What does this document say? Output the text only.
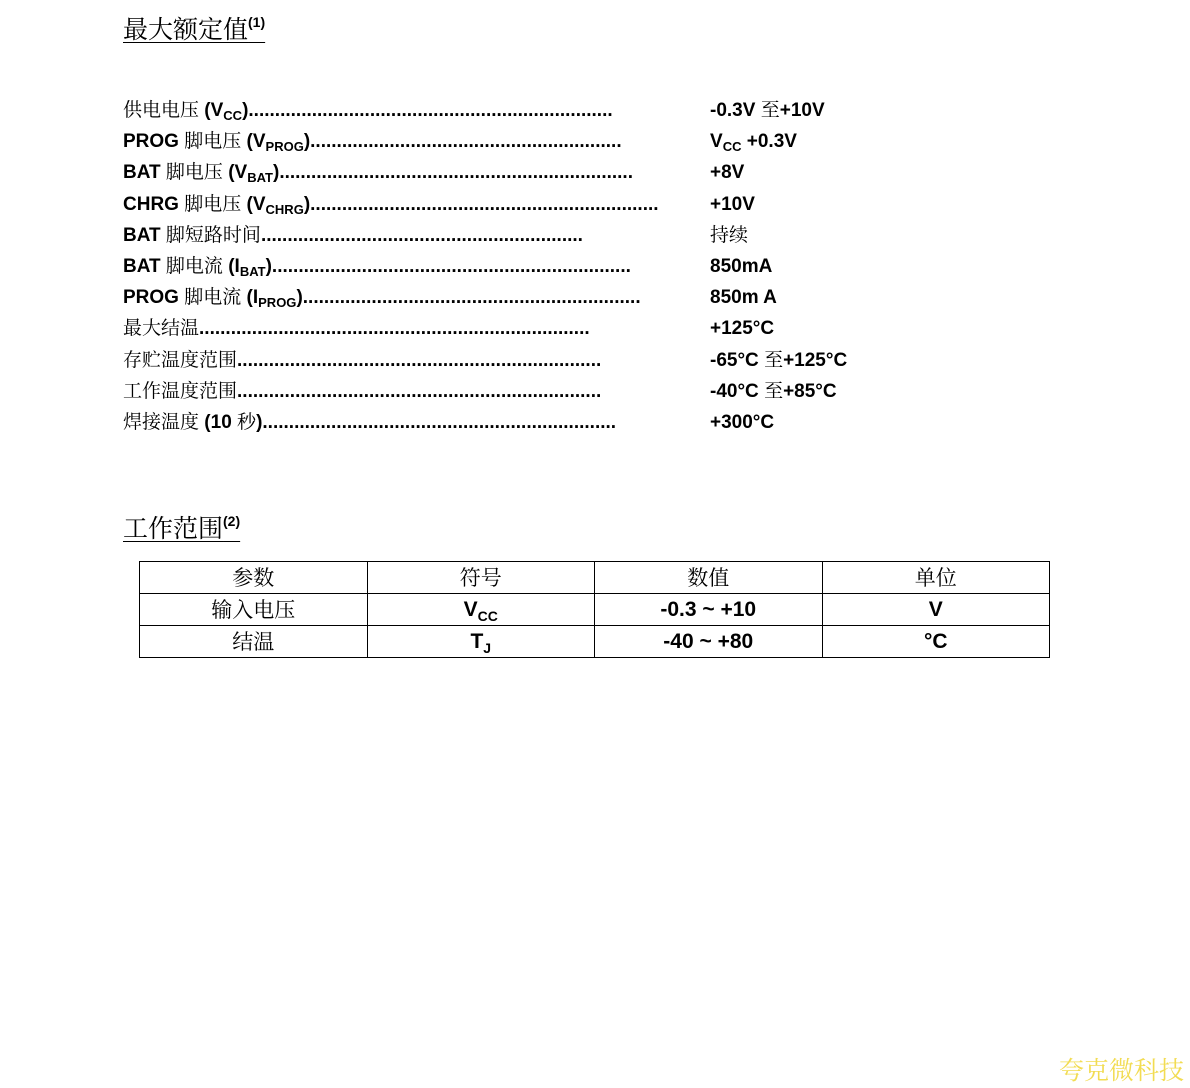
最大额定值$^{(1)}$
供电电压 $(V_{CC})$.....................................................................	-0.3V 至+10V
PROG 脚电压 $(V_{PROG})$...........................................................	$V_{CC} +0.3V$
BAT 脚电压 $(V_{BAT})$...................................................................	+8V
CHRG 脚电压 $(V_{CHRG})$..................................................................	+10V
BAT 脚短路时间.............................................................	持续
BAT 脚电流 $(I_{BAT})$....................................................................	850mA
PROG 脚电流 $(I_{PROG})$................................................................	850m A
最大结温..........................................................................	+125°C
存贮温度范围.....................................................................	-65°C 至+125°C
工作温度范围.....................................................................	-40°C 至+85°C
焊接温度 (10 秒)...................................................................	+300°C
工作范围$^{(2)}$
参数	符号	数值	单位
输入电压	$V_{CC}$	-0.3 ~ +10	V
结温	$T_J$	-40 ~ +80	°C
夸克微科技
